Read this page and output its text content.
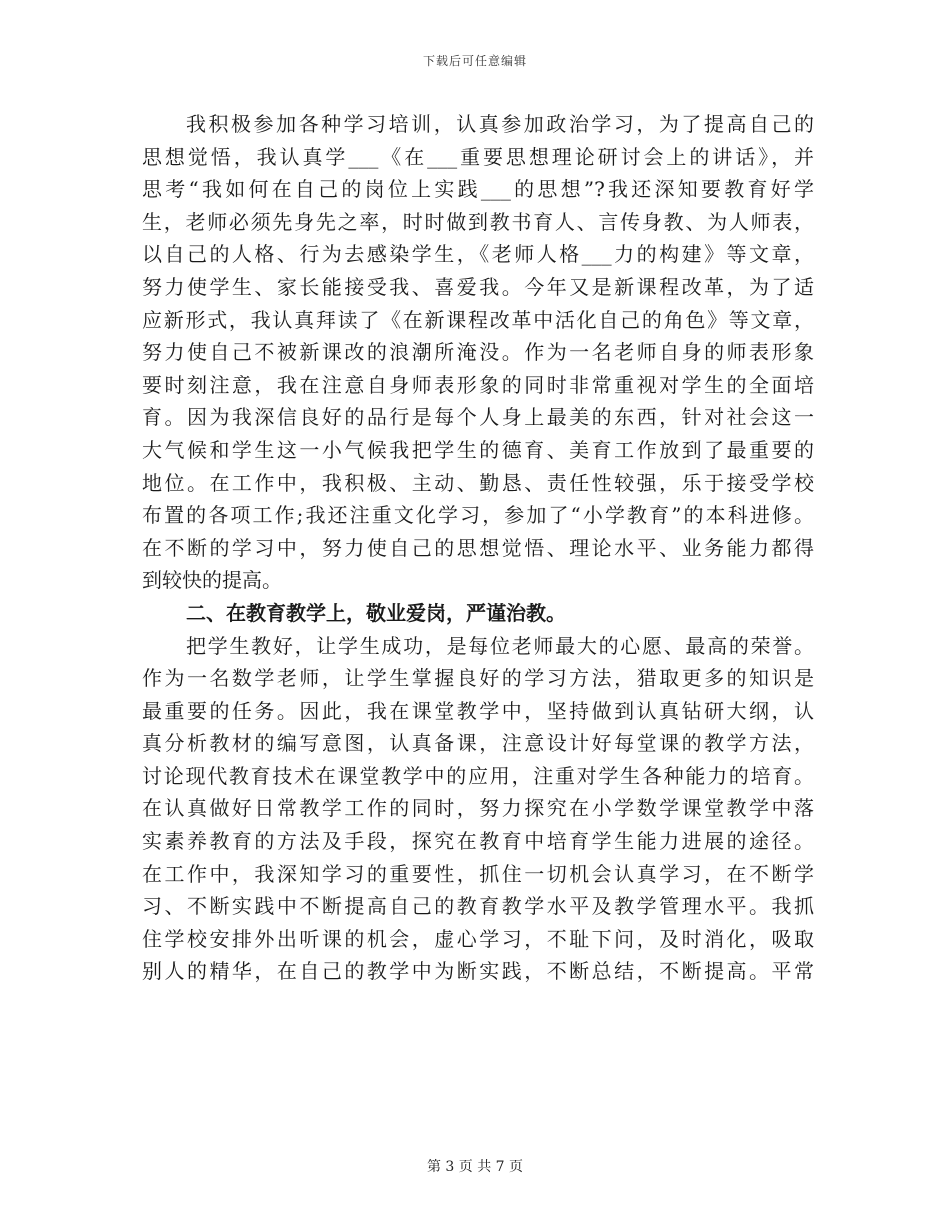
下载后可任意编辑
我积极参加各种学习培训，认真参加政治学习，为了提高自己的
思想觉悟，我认真学___《在___重要思想理论研讨会上的讲话》，并
思考“我如何在自己的岗位上实践___的思想”?我还深知要教育好学
生，老师必须先身先之率，时时做到教书育人、言传身教、为人师表，
以自己的人格、行为去感染学生，《老师人格___力的构建》等文章，
努力使学生、家长能接受我、喜爱我。今年又是新课程改革，为了适
应新形式，我认真拜读了《在新课程改革中活化自己的角色》等文章，
努力使自己不被新课改的浪潮所淹没。作为一名老师自身的师表形象
要时刻注意，我在注意自身师表形象的同时非常重视对学生的全面培
育。因为我深信良好的品行是每个人身上最美的东西，针对社会这一
大气候和学生这一小气候我把学生的德育、美育工作放到了最重要的
地位。在工作中，我积极、主动、勤恳、责任性较强，乐于接受学校
布置的各项工作;我还注重文化学习，参加了“小学教育”的本科进修。
在不断的学习中，努力使自己的思想觉悟、理论水平、业务能力都得
到较快的提高。
二、在教育教学上，敬业爱岗，严谨治教。
把学生教好，让学生成功，是每位老师最大的心愿、最高的荣誉。
作为一名数学老师，让学生掌握良好的学习方法，猎取更多的知识是
最重要的任务。因此，我在课堂教学中，坚持做到认真钻研大纲，认
真分析教材的编写意图，认真备课，注意设计好每堂课的教学方法，
讨论现代教育技术在课堂教学中的应用，注重对学生各种能力的培育。
在认真做好日常教学工作的同时，努力探究在小学数学课堂教学中落
实素养教育的方法及手段，探究在教育中培育学生能力进展的途径。
在工作中，我深知学习的重要性，抓住一切机会认真学习，在不断学
习、不断实践中不断提高自己的教育教学水平及教学管理水平。我抓
住学校安排外出听课的机会，虚心学习，不耻下问，及时消化，吸取
别人的精华，在自己的教学中为断实践，不断总结，不断提高。平常
第 3 页 共 7 页
